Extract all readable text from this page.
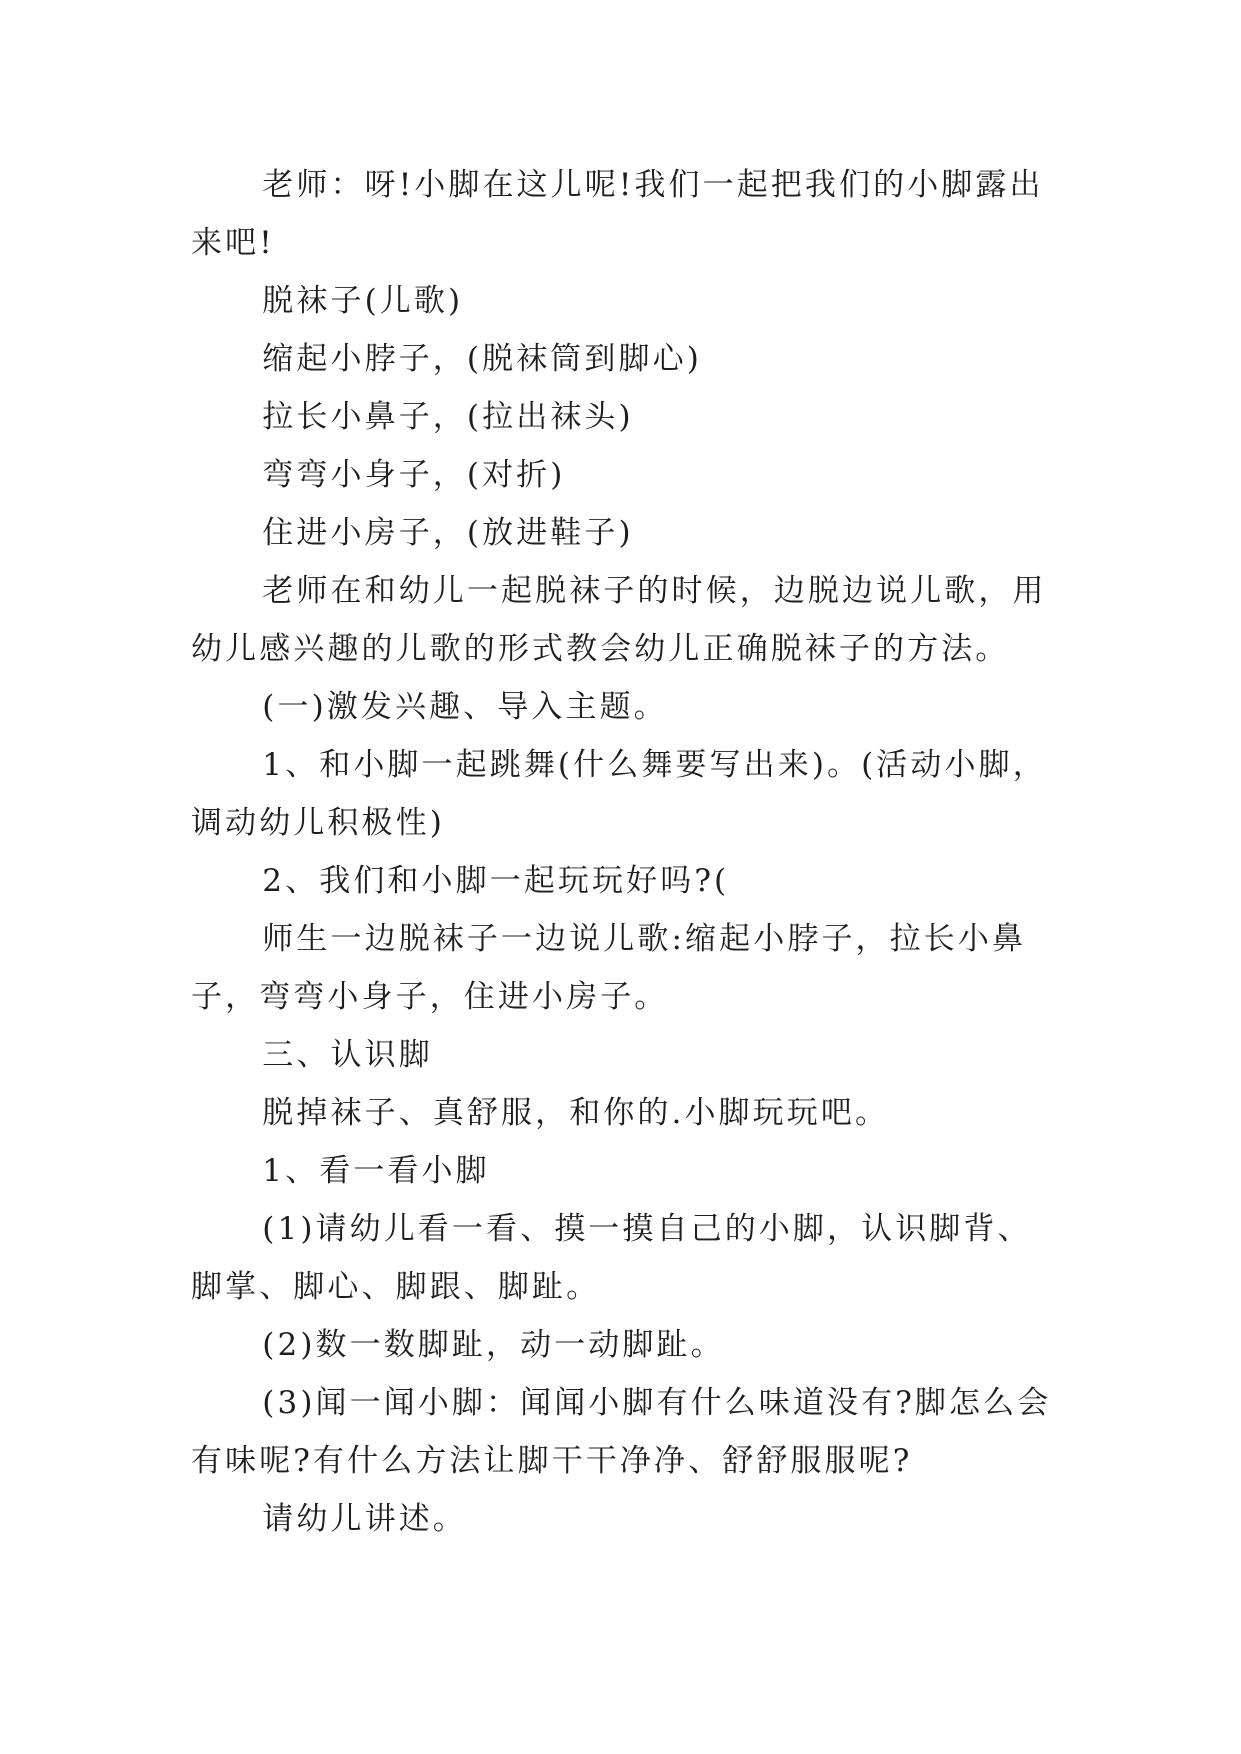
老师：呀!小脚在这儿呢!我们一起把我们的小脚露出来吧!

脱袜子(儿歌)

缩起小脖子，(脱袜筒到脚心)

拉长小鼻子，(拉出袜头)

弯弯小身子，(对折)

住进小房子，(放进鞋子)

老师在和幼儿一起脱袜子的时候，边脱边说儿歌，用幼儿感兴趣的儿歌的形式教会幼儿正确脱袜子的方法。

(一)激发兴趣、导入主题。

1、和小脚一起跳舞(什么舞要写出来)。(活动小脚，调动幼儿积极性)

2、我们和小脚一起玩玩好吗?(

师生一边脱袜子一边说儿歌:缩起小脖子，拉长小鼻子，弯弯小身子，住进小房子。

三、认识脚

脱掉袜子、真舒服，和你的.小脚玩玩吧。

1、看一看小脚

(1)请幼儿看一看、摸一摸自己的小脚，认识脚背、脚掌、脚心、脚跟、脚趾。

(2)数一数脚趾，动一动脚趾。

(3)闻一闻小脚：闻闻小脚有什么味道没有?脚怎么会有味呢?有什么方法让脚干干净净、舒舒服服呢?

请幼儿讲述。
